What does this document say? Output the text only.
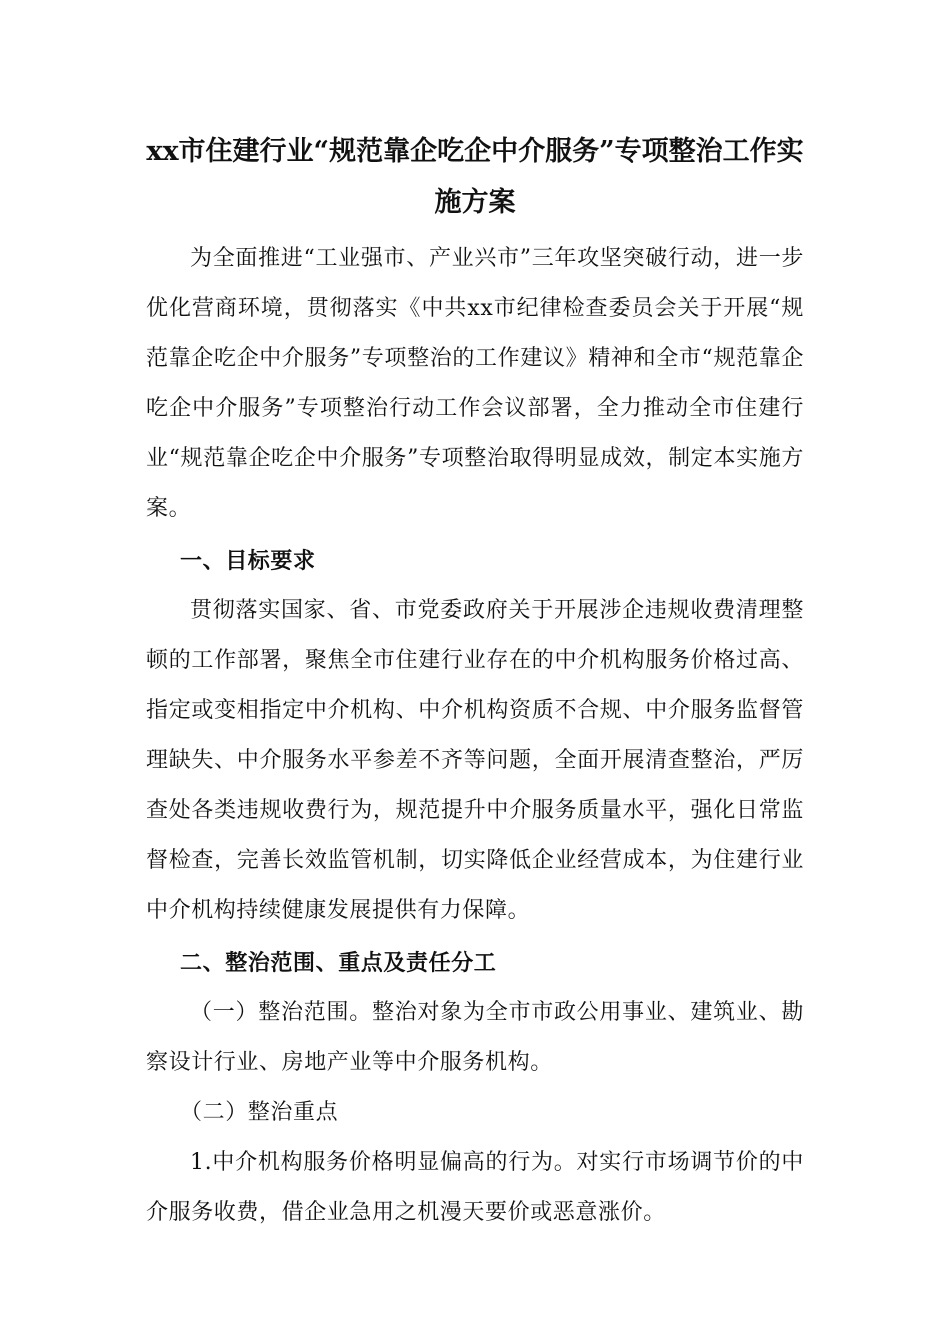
xx市住建行业“规范靠企吃企中介服务”专项整治工作实施方案

为全面推进“工业强市、产业兴市”三年攻坚突破行动，进一步优化营商环境，贯彻落实《中共xx市纪律检查委员会关于开展“规范靠企吃企中介服务”专项整治的工作建议》精神和全市“规范靠企吃企中介服务”专项整治行动工作会议部署，全力推动全市住建行业“规范靠企吃企中介服务”专项整治取得明显成效，制定本实施方案。

一、目标要求

贯彻落实国家、省、市党委政府关于开展涉企违规收费清理整顿的工作部署，聚焦全市住建行业存在的中介机构服务价格过高、指定或变相指定中介机构、中介机构资质不合规、中介服务监督管理缺失、中介服务水平参差不齐等问题，全面开展清查整治，严厉查处各类违规收费行为，规范提升中介服务质量水平，强化日常监督检查，完善长效监管机制，切实降低企业经营成本，为住建行业中介机构持续健康发展提供有力保障。

二、整治范围、重点及责任分工

（一）整治范围。整治对象为全市市政公用事业、建筑业、勘察设计行业、房地产业等中介服务机构。

（二）整治重点

1.中介机构服务价格明显偏高的行为。对实行市场调节价的中介服务收费，借企业急用之机漫天要价或恶意涨价。
